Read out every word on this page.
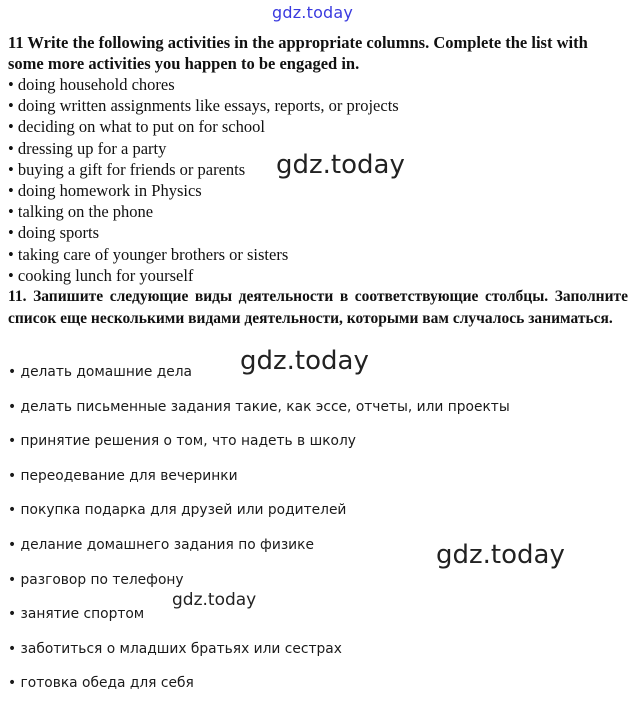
gdz.today
11 Write the following activities in the appropriate columns. Complete the list with some more activities you happen to be engaged in.
• doing household chores
• doing written assignments like essays, reports, or projects
• deciding on what to put on for school
• dressing up for a party
• buying a gift for friends or parents
• doing homework in Physics
• talking on the phone
• doing sports
• taking care of younger brothers or sisters
• cooking lunch for yourself
11. Запишите следующие виды деятельности в соответствующие столбцы. Заполните список еще несколькими видами деятельности, которыми вам случалось заниматься.
• делать домашние дела
• делать письменные задания такие, как эссе, отчеты, или проекты
• принятие решения о том, что надеть в школу
• переодевание для вечеринки
• покупка подарка для друзей или родителей
• делание домашнего задания по физике
• разговор по телефону
• занятие спортом
• заботиться о младших братьях или сестрах
• готовка обеда для себя
gdz.today
gdz.today
gdz.today
gdz.today
